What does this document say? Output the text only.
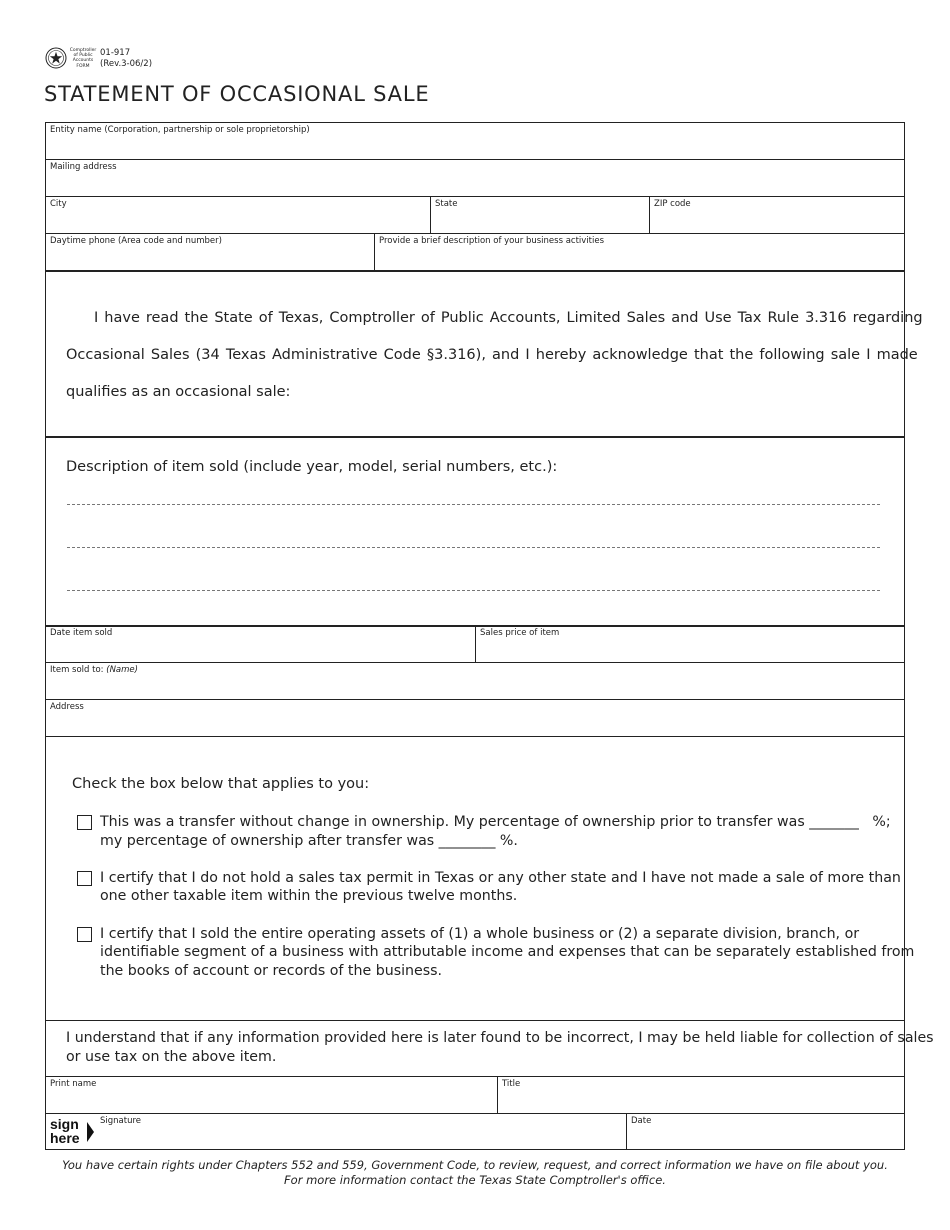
Comptroller of Public Accounts FORM
01-917
(Rev.3-06/2)
STATEMENT OF OCCASIONAL SALE
Entity name (Corporation, partnership or sole proprietorship)
Mailing address
City	State	ZIP code
Daytime phone (Area code and number)	Provide a brief description of your business activities
I have read the State of Texas, Comptroller of Public Accounts, Limited Sales and Use Tax Rule 3.316 regarding
Occasional Sales (34 Texas Administrative Code §3.316), and I hereby acknowledge that the following sale I made
qualifies as an occasional sale:
Description of item sold (include year, model, serial numbers, etc.):
Date item sold	Sales price of item
Item sold to: (Name)
Address
Check the box below that applies to you:
This was a transfer without change in ownership. My percentage of ownership prior to transfer was _______   %;
my percentage of ownership after transfer was ________ %.
I certify that I do not hold a sales tax permit in Texas or any other state and I have not made a sale of more than
one other taxable item within the previous twelve months.
I certify that I sold the entire operating assets of (1) a whole business or (2) a separate division, branch, or
identifiable segment of a business with attributable income and expenses that can be separately established from
the books of account or records of the business.
I understand that if any information provided here is later found to be incorrect, I may be held liable for collection of sales
or use tax on the above item.
Print name	Title
sign
here
Signature	Date
You have certain rights under Chapters 552 and 559, Government Code, to review, request, and correct information we have on file about you.
For more information contact the Texas State Comptroller's office.
